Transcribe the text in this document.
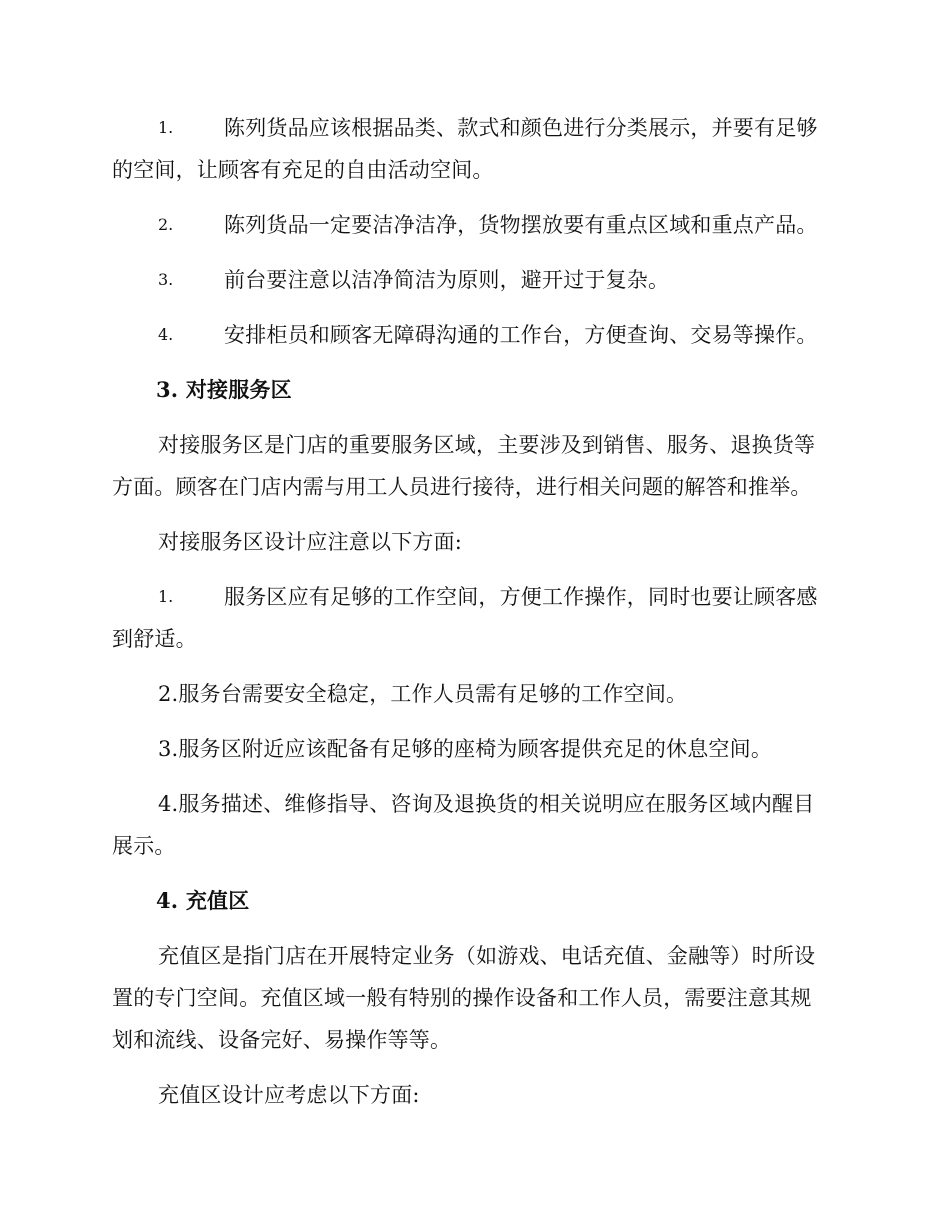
1. 陈列货品应该根据品类、款式和颜色进行分类展示，并要有足够
的空间，让顾客有充足的自由活动空间。
2. 陈列货品一定要洁净洁净，货物摆放要有重点区域和重点产品。
3. 前台要注意以洁净简洁为原则，避开过于复杂。
4. 安排柜员和顾客无障碍沟通的工作台，方便查询、交易等操作。
3. 对接服务区
对接服务区是门店的重要服务区域，主要涉及到销售、服务、退换货等
方面。顾客在门店内需与用工人员进行接待，进行相关问题的解答和推举。
对接服务区设计应注意以下方面:
1. 服务区应有足够的工作空间，方便工作操作，同时也要让顾客感
到舒适。
2.服务台需要安全稳定，工作人员需有足够的工作空间。
3.服务区附近应该配备有足够的座椅为顾客提供充足的休息空间。
4.服务描述、维修指导、咨询及退换货的相关说明应在服务区域内醒目
展示。
4. 充值区
充值区是指门店在开展特定业务（如游戏、电话充值、金融等）时所设
置的专门空间。充值区域一般有特别的操作设备和工作人员，需要注意其规
划和流线、设备完好、易操作等等。
充值区设计应考虑以下方面:
